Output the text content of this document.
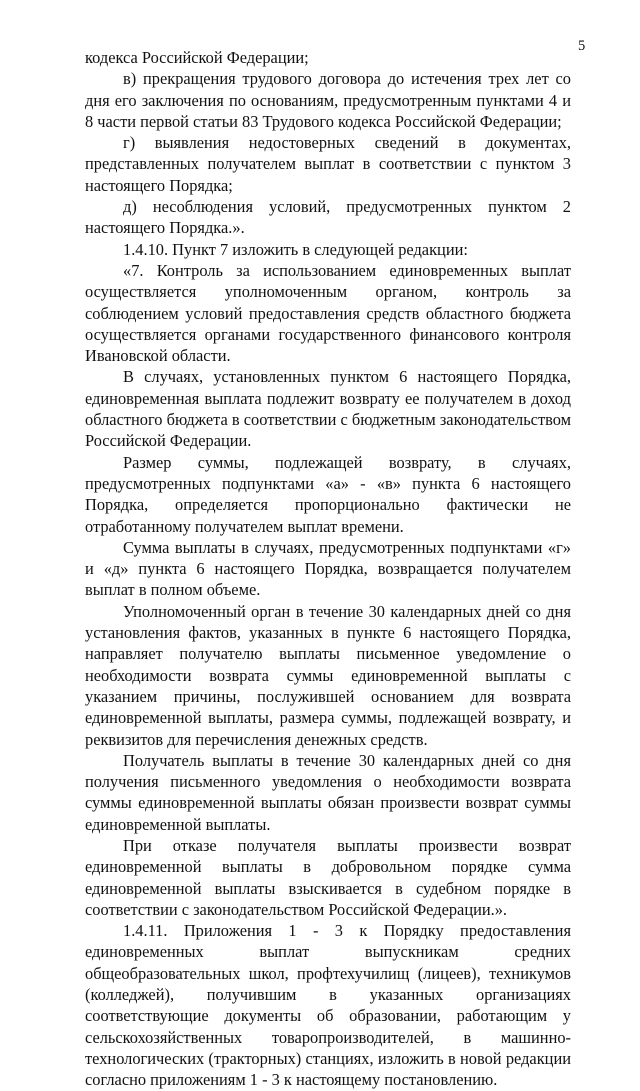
5

кодекса Российской Федерации;

в) прекращения трудового договора до истечения трех лет со дня его заключения по основаниям, предусмотренным пунктами 4 и 8 части первой статьи 83 Трудового кодекса Российской Федерации;

г) выявления недостоверных сведений в документах, представленных получателем выплат в соответствии с пунктом 3 настоящего Порядка;

д) несоблюдения условий, предусмотренных пунктом 2 настоящего Порядка.».

1.4.10. Пункт 7 изложить в следующей редакции:

«7. Контроль за использованием единовременных выплат осуществляется уполномоченным органом, контроль за соблюдением условий предоставления средств областного бюджета осуществляется органами государственного финансового контроля Ивановской области.

В случаях, установленных пунктом 6 настоящего Порядка, единовременная выплата подлежит возврату ее получателем в доход областного бюджета в соответствии с бюджетным законодательством Российской Федерации.

Размер суммы, подлежащей возврату, в случаях, предусмотренных подпунктами «а» - «в» пункта 6 настоящего Порядка, определяется пропорционально фактически не отработанному получателем выплат времени.

Сумма выплаты в случаях, предусмотренных подпунктами «г» и «д» пункта 6 настоящего Порядка, возвращается получателем выплат в полном объеме.

Уполномоченный орган в течение 30 календарных дней со дня установления фактов, указанных в пункте 6 настоящего Порядка, направляет получателю выплаты письменное уведомление о необходимости возврата суммы единовременной выплаты с указанием причины, послужившей основанием для возврата единовременной выплаты, размера суммы, подлежащей возврату, и реквизитов для перечисления денежных средств.

Получатель выплаты в течение 30 календарных дней со дня получения письменного уведомления о необходимости возврата суммы единовременной выплаты обязан произвести возврат суммы единовременной выплаты.

При отказе получателя выплаты произвести возврат единовременной выплаты в добровольном порядке сумма единовременной выплаты взыскивается в судебном порядке в соответствии с законодательством Российской Федерации.».

1.4.11. Приложения 1 - 3 к Порядку предоставления единовременных выплат выпускникам средних общеобразовательных школ, профтехучилищ (лицеев), техникумов (колледжей), получившим в указанных организациях соответствующие документы об образовании, работающим у сельскохозяйственных товаропроизводителей, в машинно-технологических (тракторных) станциях, изложить в новой редакции согласно приложениям 1 - 3 к настоящему постановлению.
